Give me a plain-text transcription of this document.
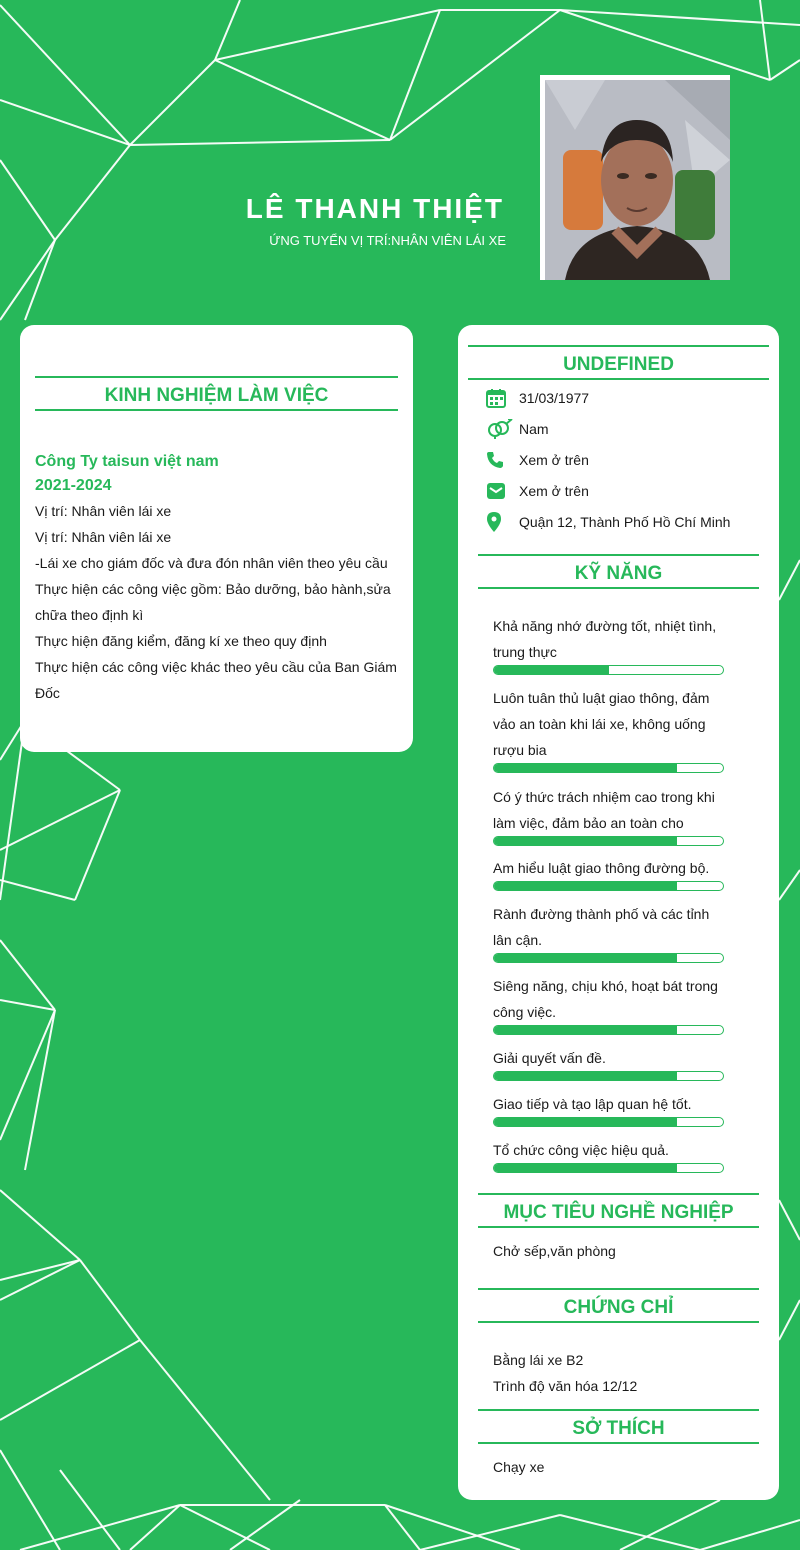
LÊ THANH THIỆT
ỨNG TUYỂN VỊ TRÍ:NHÂN VIÊN LÁI XE
KINH NGHIỆM LÀM VIỆC
Công Ty taisun việt nam
2021-2024
Vị trí: Nhân viên lái xe
Vị trí: Nhân viên lái xe
-Lái xe cho giám đốc và đưa đón nhân viên theo yêu cầu
Thực hiện các công việc gồm: Bảo dưỡng, bảo hành,sửa chữa theo định kì
Thực hiện đăng kiểm, đăng kí xe theo quy định
Thực hiện các công việc khác theo yêu cầu của Ban Giám Đốc
UNDEFINED
31/03/1977
Nam
Xem ở trên
Xem ở trên
Quận 12, Thành Phố Hồ Chí Minh
KỸ NĂNG
Khả năng nhớ đường tốt, nhiệt tình, trung thực
Luôn tuân thủ luật giao thông, đảm vảo an toàn khi lái xe, không uống rượu bia
Có ý thức trách nhiệm cao trong khi làm việc, đảm bảo an toàn cho
Am hiểu luật giao thông đường bộ.
Rành đường thành phố và các tỉnh lân cận.
Siêng năng, chịu khó, hoạt bát trong công việc.
Giải quyết vấn đề.
Giao tiếp và tạo lập quan hệ tốt.
Tổ chức công việc hiệu quả.
MỤC TIÊU NGHỀ NGHIỆP
Chở sếp,văn phòng
CHỨNG CHỈ
Bằng lái xe B2
Trình độ văn hóa 12/12
SỞ THÍCH
Chạy xe
